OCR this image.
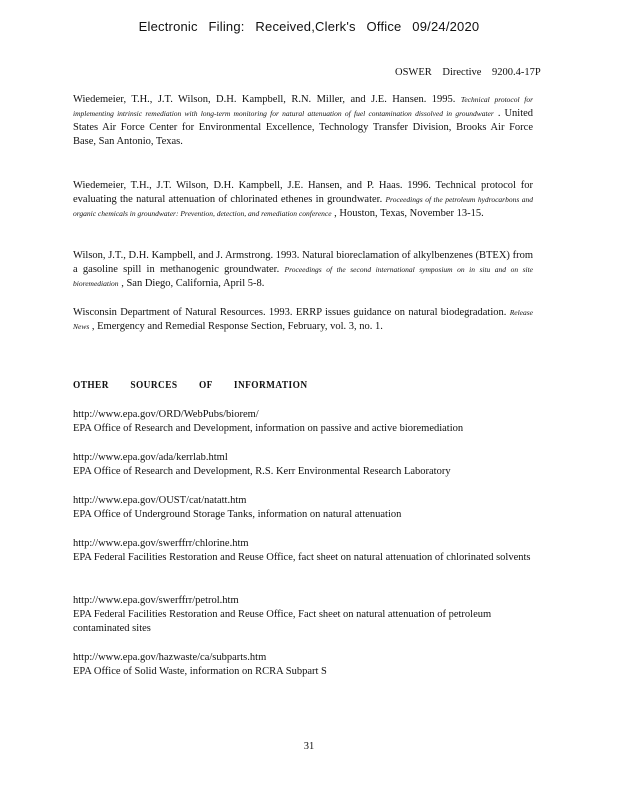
Electronic Filing: Received,Clerk's Office 09/24/2020
OSWER Directive 9200.4-17P
Wiedemeier, T.H., J.T. Wilson, D.H. Kampbell, R.N. Miller, and J.E. Hansen. 1995. Technical protocol for implementing intrinsic remediation with long-term monitoring for natural attenuation of fuel contamination dissolved in groundwater . United States Air Force Center for Environmental Excellence, Technology Transfer Division, Brooks Air Force Base, San Antonio, Texas.
Wiedemeier, T.H., J.T. Wilson, D.H. Kampbell, J.E. Hansen, and P. Haas. 1996. Technical protocol for evaluating the natural attenuation of chlorinated ethenes in groundwater. Proceedings of the petroleum hydrocarbons and organic chemicals in groundwater: Prevention, detection, and remediation conference , Houston, Texas, November 13-15.
Wilson, J.T., D.H. Kampbell, and J. Armstrong. 1993. Natural bioreclamation of alkylbenzenes (BTEX) from a gasoline spill in methanogenic groundwater. Proceedings of the second international symposium on in situ and on site bioremediation , San Diego, California, April 5-8.
Wisconsin Department of Natural Resources. 1993. ERRP issues guidance on natural biodegradation. Release News , Emergency and Remedial Response Section, February, vol. 3, no. 1.
OTHER SOURCES OF INFORMATION
http://www.epa.gov/ORD/WebPubs/biorem/
EPA Office of Research and Development, information on passive and active bioremediation
http://www.epa.gov/ada/kerrlab.html
EPA Office of Research and Development, R.S. Kerr Environmental Research Laboratory
http://www.epa.gov/OUST/cat/natatt.htm
EPA Office of Underground Storage Tanks, information on natural attenuation
http://www.epa.gov/swerffrr/chlorine.htm
EPA Federal Facilities Restoration and Reuse Office, fact sheet on natural attenuation of chlorinated solvents
http://www.epa.gov/swerffrr/petrol.htm
EPA Federal Facilities Restoration and Reuse Office, Fact sheet on natural attenuation of petroleum contaminated sites
http://www.epa.gov/hazwaste/ca/subparts.htm
EPA Office of Solid Waste, information on RCRA Subpart S
31
